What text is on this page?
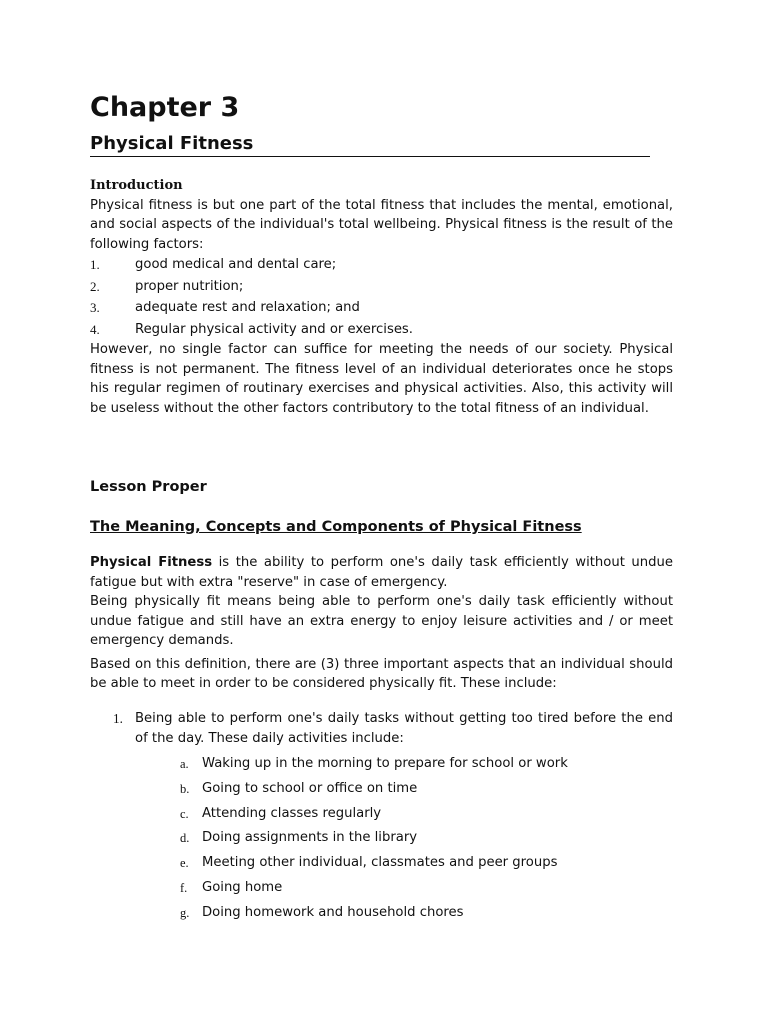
Chapter 3
Physical Fitness
Introduction

Physical fitness is but one part of the total fitness that includes the mental, emotional, and social aspects of the individual's total wellbeing. Physical fitness is the result of the following factors:

1.	good medical and dental care;
2.	proper nutrition;
3.	adequate rest and relaxation; and
4.	Regular physical activity and or exercises.

However, no single factor can suffice for meeting the needs of our society. Physical fitness is not permanent. The fitness level of an individual deteriorates once he stops his regular regimen of routinary exercises and physical activities. Also, this activity will be useless without the other factors contributory to the total fitness of an individual.

Lesson Proper
The Meaning, Concepts and Components of Physical Fitness

Physical Fitness is the ability to perform one's daily task efficiently without undue fatigue but with extra "reserve" in case of emergency.

Being physically fit means being able to perform one's daily task efficiently without undue fatigue and still have an extra energy to enjoy leisure activities and / or meet emergency demands.

Based on this definition, there are (3) three important aspects that an individual should be able to meet in order to be considered physically fit. These include:

1. Being able to perform one's daily tasks without getting too tired before the end of the day. These daily activities include:
a.	Waking up in the morning to prepare for school or work
b. Going to school or office on time
c.	Attending classes regularly
d. Doing assignments in the library
e.	Meeting other individual, classmates and peer groups
f.	Going home
g. Doing homework and household chores
